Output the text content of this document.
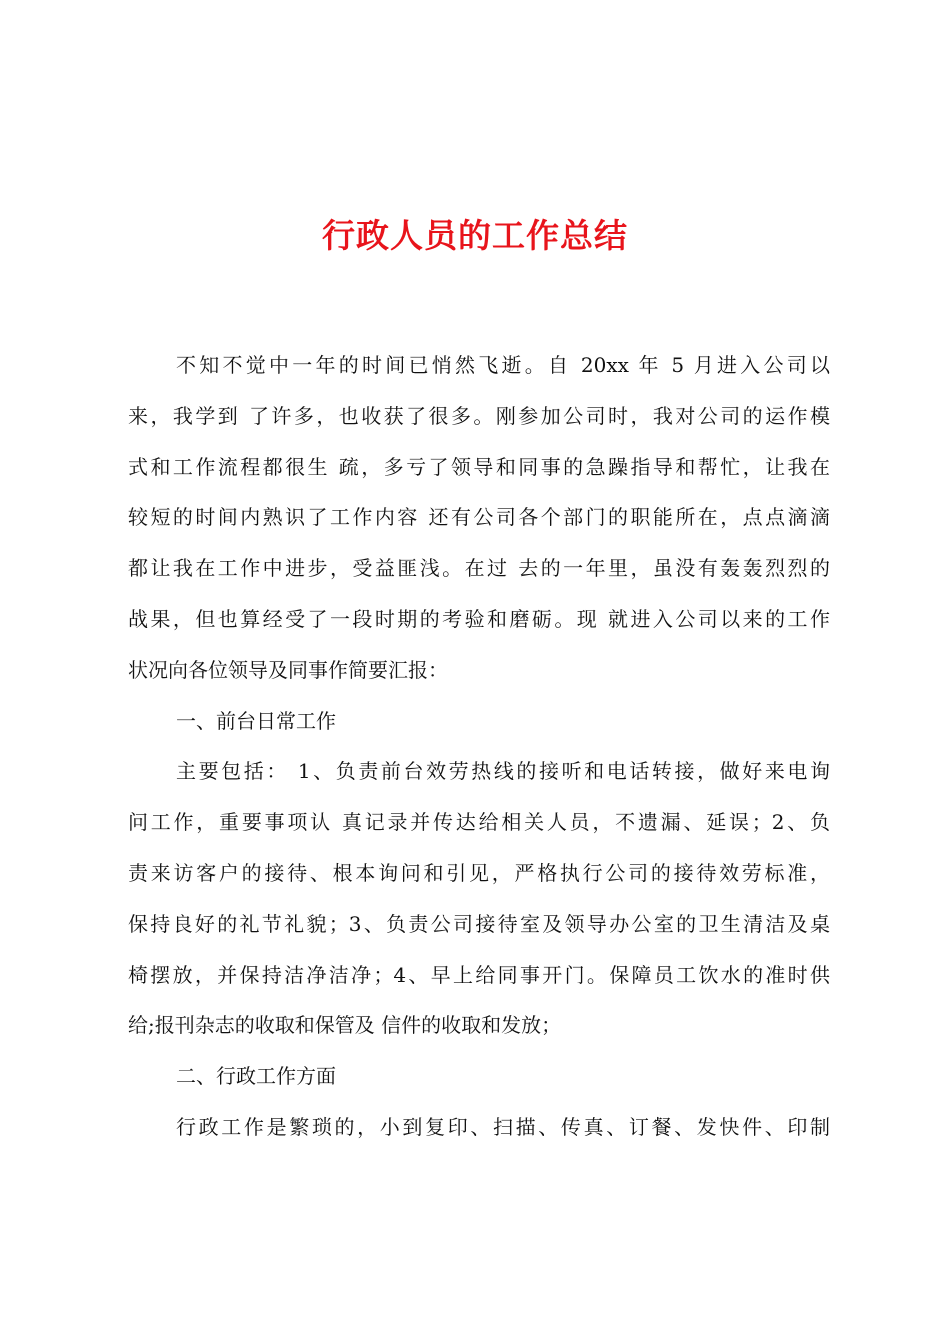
行政人员的工作总结
不知不觉中一年的时间已悄然飞逝。自 20xx 年 5 月进入公司以
来，我学到 了许多，也收获了很多。刚参加公司时，我对公司的运作模
式和工作流程都很生 疏，多亏了领导和同事的急躁指导和帮忙，让我在
较短的时间内熟识了工作内容 还有公司各个部门的职能所在，点点滴滴
都让我在工作中进步，受益匪浅。在过 去的一年里，虽没有轰轰烈烈的
战果，但也算经受了一段时期的考验和磨砺。现 就进入公司以来的工作
状况向各位领导及同事作简要汇报：
一、前台日常工作
主要包括： 1、负责前台效劳热线的接听和电话转接，做好来电询
问工作，重要事项认 真记录并传达给相关人员，不遗漏、延误；2、负
责来访客户的接待、根本询问和引见，严格执行公司的接待效劳标准，
保持良好的礼节礼貌；3、负责公司接待室及领导办公室的卫生清洁及桌
椅摆放，并保持洁净洁净；4、早上给同事开门。保障员工饮水的准时供
给;报刊杂志的收取和保管及 信件的收取和发放；
二、行政工作方面
行政工作是繁琐的，小到复印、扫描、传真、订餐、发快件、印制
